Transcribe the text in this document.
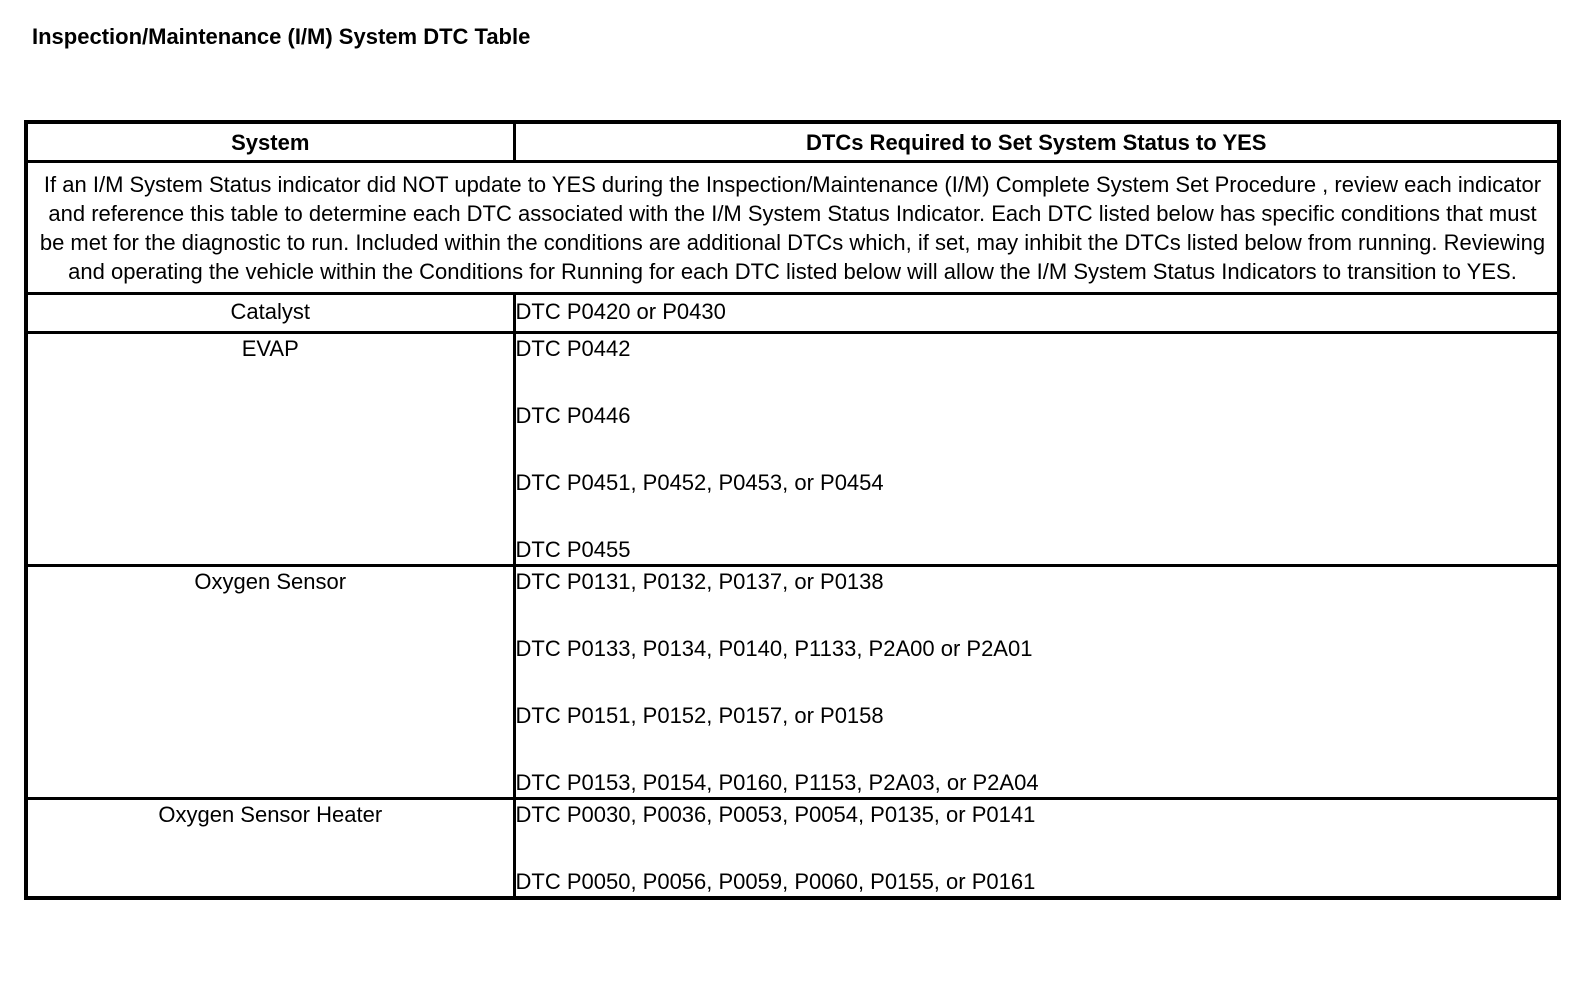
Inspection/Maintenance (I/M) System DTC Table
System	DTCs Required to Set System Status to YES
If an I/M System Status indicator did NOT update to YES during the Inspection/Maintenance (I/M) Complete System Set Procedure , review each indicator and reference this table to determine each DTC associated with the I/M System Status Indicator. Each DTC listed below has specific conditions that must be met for the diagnostic to run. Included within the conditions are additional DTCs which, if set, may inhibit the DTCs listed below from running. Reviewing and operating the vehicle within the Conditions for Running for each DTC listed below will allow the I/M System Status Indicators to transition to YES.	
Catalyst	DTC P0420 or P0430

EVAP	DTC P0442
DTC P0446
DTC P0451, P0452, P0453, or P0454
DTC P0455

Oxygen Sensor	DTC P0131, P0132, P0137, or P0138
DTC P0133, P0134, P0140, P1133, P2A00 or P2A01
DTC P0151, P0152, P0157, or P0158
DTC P0153, P0154, P0160, P1153, P2A03, or P2A04

Oxygen Sensor Heater	DTC P0030, P0036, P0053, P0054, P0135, or P0141
DTC P0050, P0056, P0059, P0060, P0155, or P0161
